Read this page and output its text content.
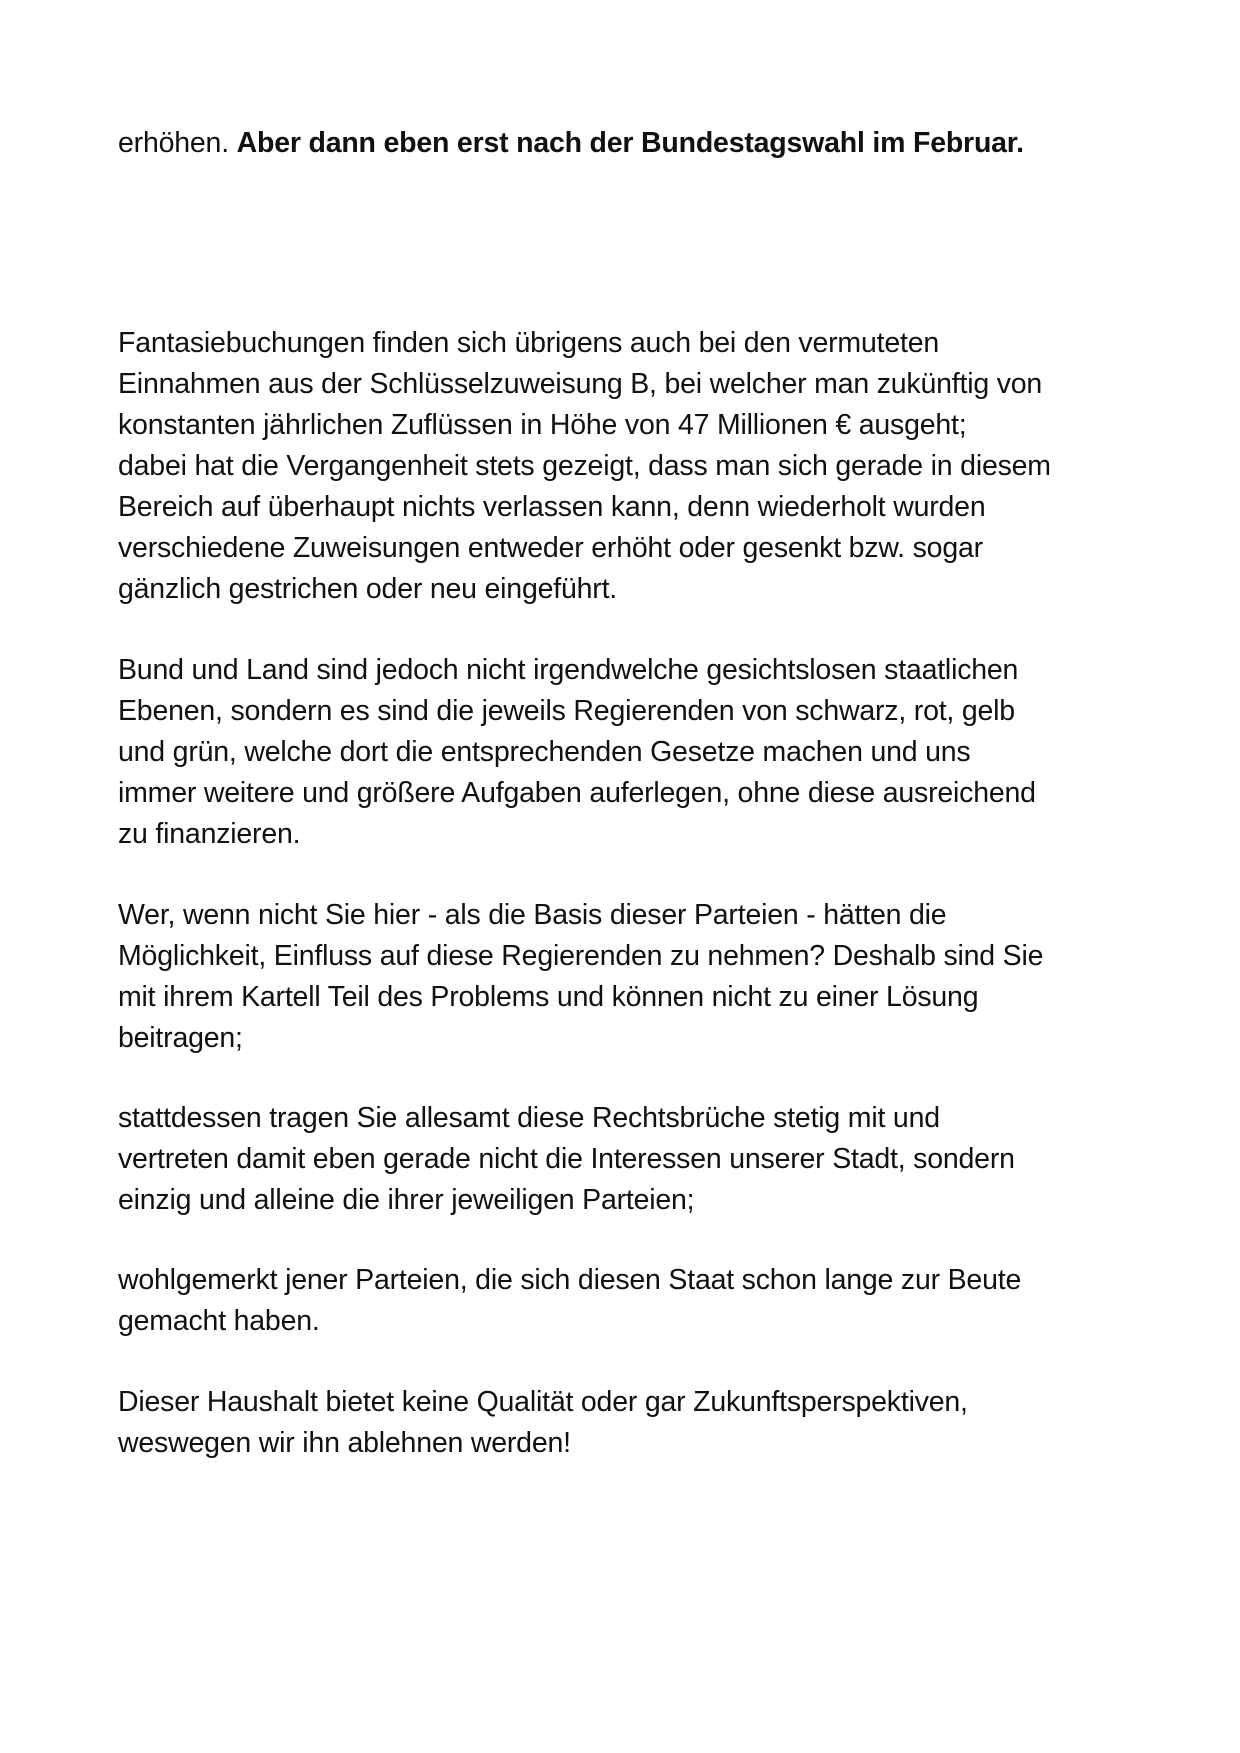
erhöhen. Aber dann eben erst nach der Bundestagswahl im Februar.

Fantasiebuchungen finden sich übrigens auch bei den vermuteten
Einnahmen aus der Schlüsselzuweisung B, bei welcher man zukünftig von
konstanten jährlichen Zuflüssen in Höhe von 47 Millionen € ausgeht;
dabei hat die Vergangenheit stets gezeigt, dass man sich gerade in diesem
Bereich auf überhaupt nichts verlassen kann, denn wiederholt wurden
verschiedene Zuweisungen entweder erhöht oder gesenkt bzw. sogar
gänzlich gestrichen oder neu eingeführt.

Bund und Land sind jedoch nicht irgendwelche gesichtslosen staatlichen
Ebenen, sondern es sind die jeweils Regierenden von schwarz, rot, gelb
und grün, welche dort die entsprechenden Gesetze machen und uns
immer weitere und größere Aufgaben auferlegen, ohne diese ausreichend
zu finanzieren.

Wer, wenn nicht Sie hier - als die Basis dieser Parteien - hätten die
Möglichkeit, Einfluss auf diese Regierenden zu nehmen? Deshalb sind Sie
mit ihrem Kartell Teil des Problems und können nicht zu einer Lösung
beitragen;

stattdessen tragen Sie allesamt diese Rechtsbrüche stetig mit und
vertreten damit eben gerade nicht die Interessen unserer Stadt, sondern
einzig und alleine die ihrer jeweiligen Parteien;

wohlgemerkt jener Parteien, die sich diesen Staat schon lange zur Beute
gemacht haben.

Dieser Haushalt bietet keine Qualität oder gar Zukunftsperspektiven,
weswegen wir ihn ablehnen werden!
